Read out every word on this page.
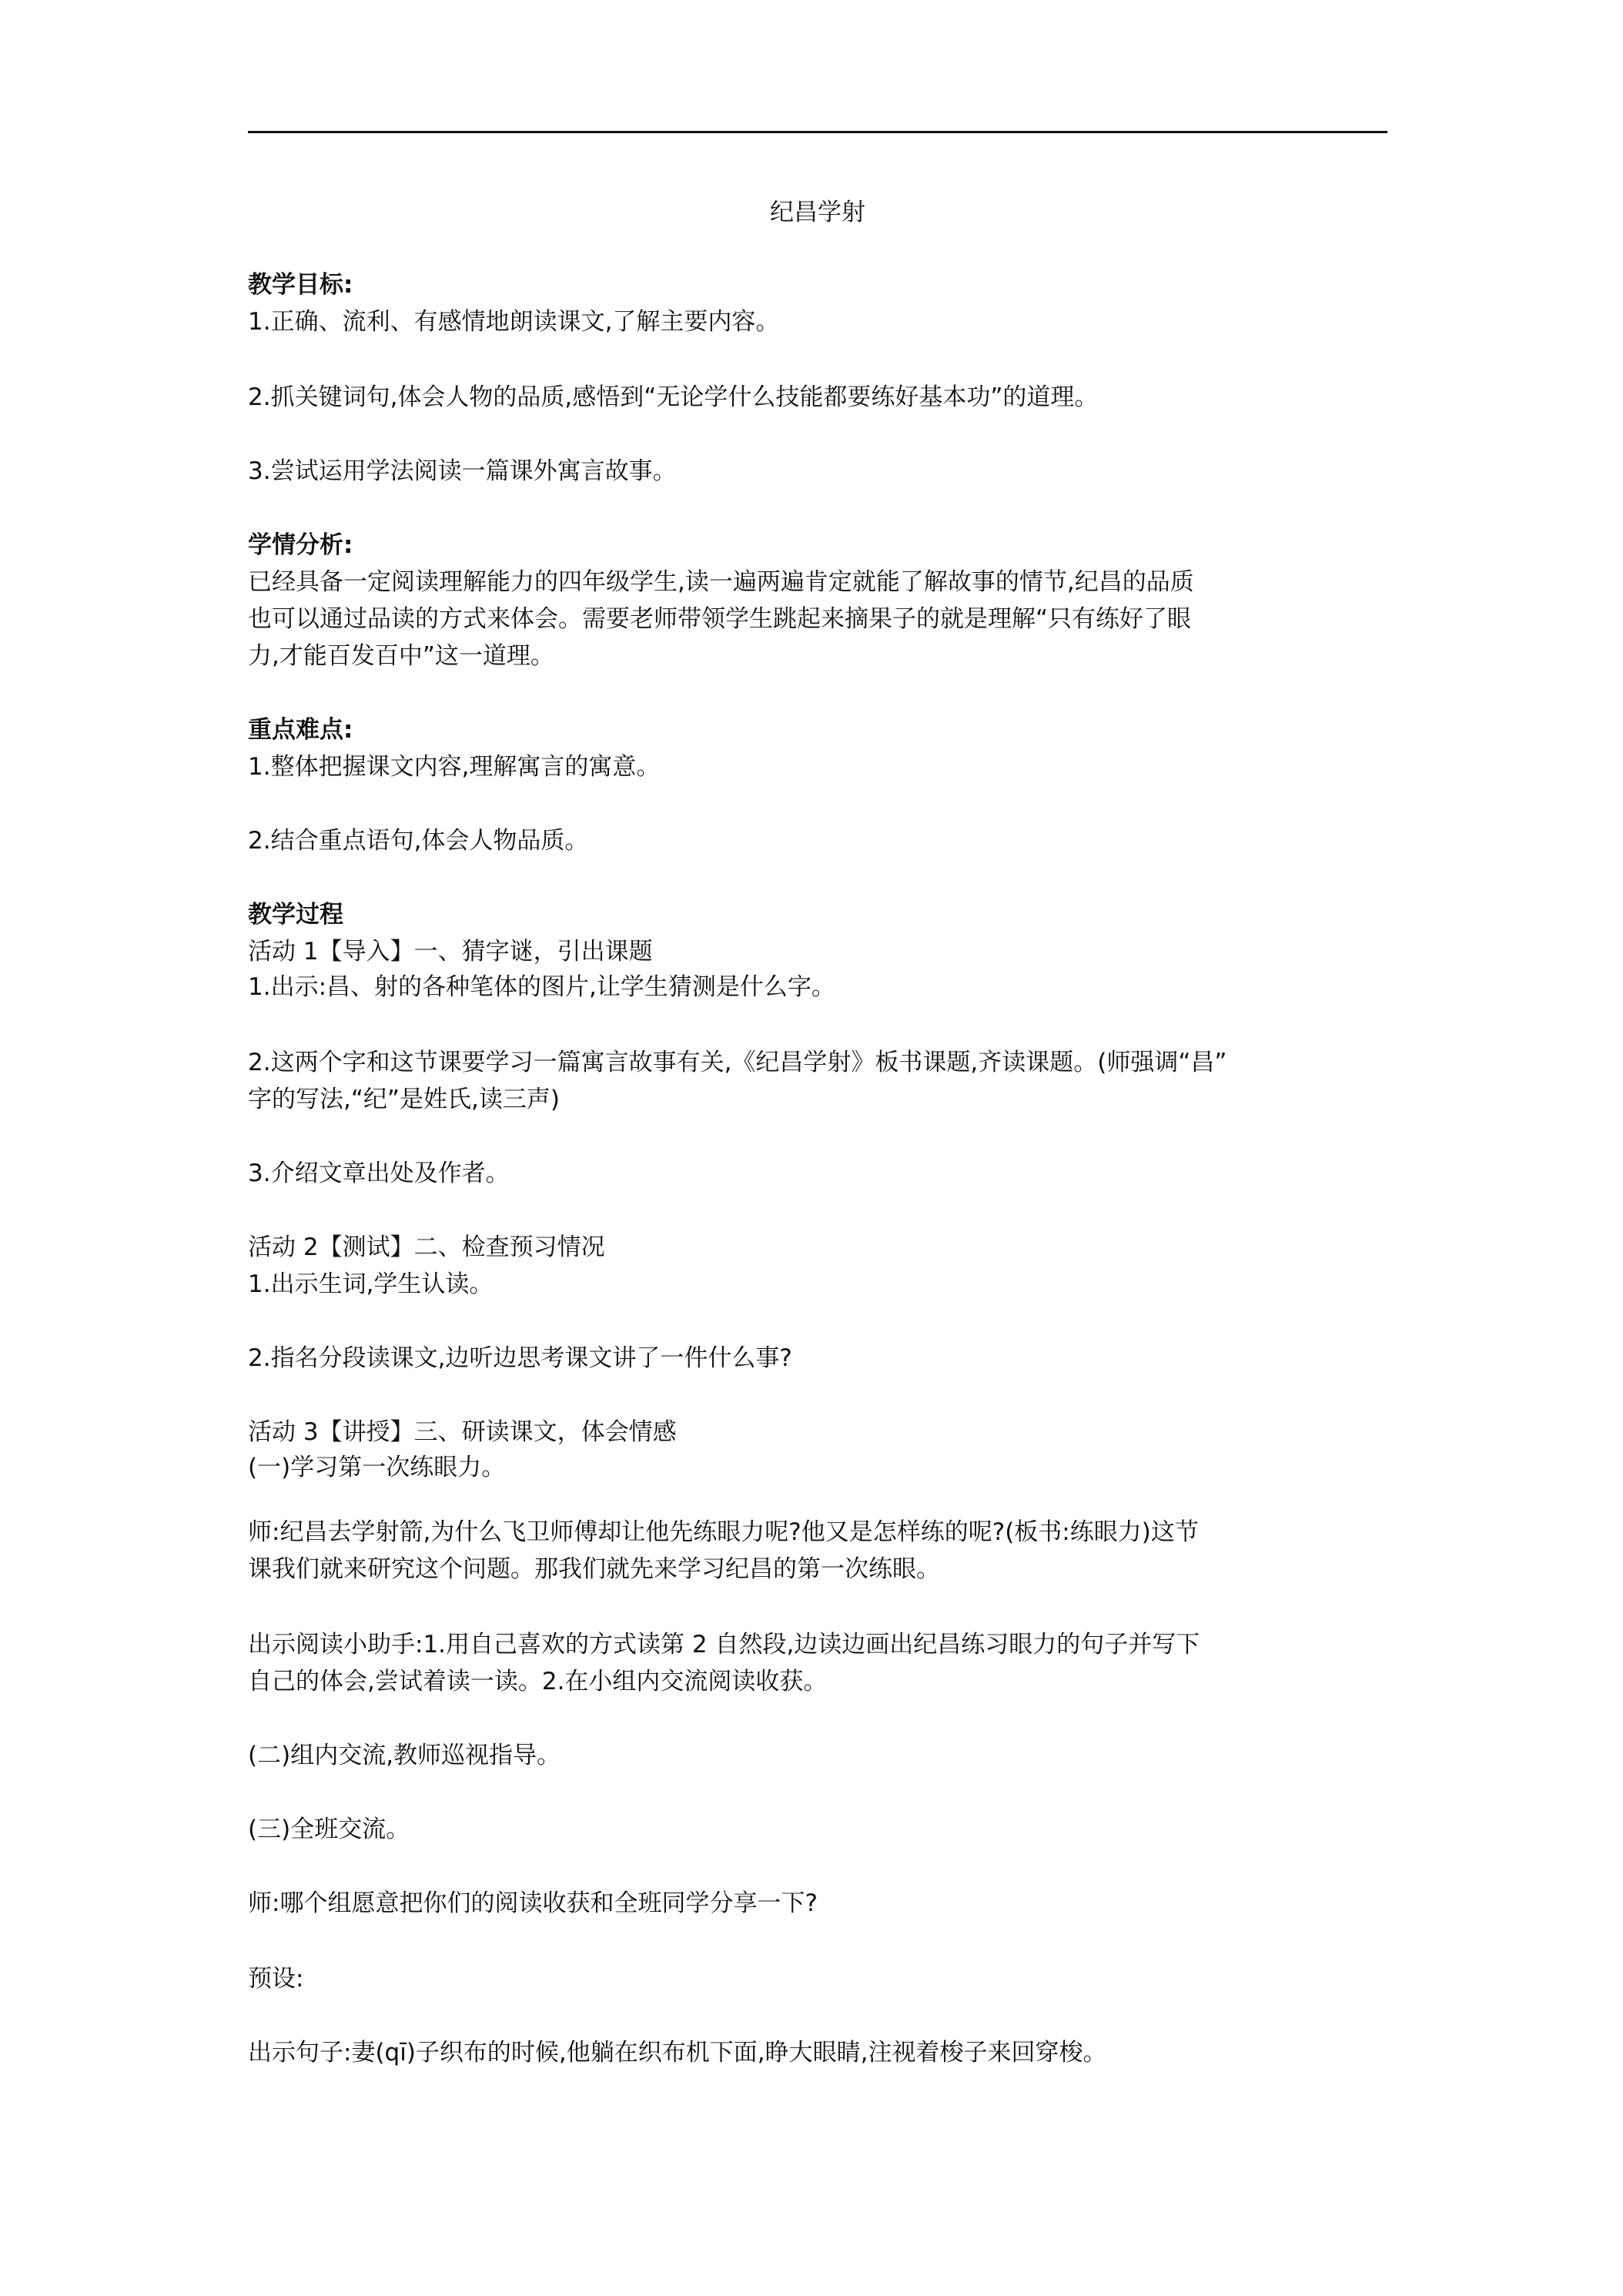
纪昌学射
教学目标:
1.正确、流利、有感情地朗读课文,了解主要内容。
2.抓关键词句,体会人物的品质,感悟到“无论学什么技能都要练好基本功”的道理。
3.尝试运用学法阅读一篇课外寓言故事。
学情分析:
已经具备一定阅读理解能力的四年级学生,读一遍两遍肯定就能了解故事的情节,纪昌的品质
也可以通过品读的方式来体会。需要老师带领学生跳起来摘果子的就是理解“只有练好了眼
力,才能百发百中”这一道理。
重点难点:
1.整体把握课文内容,理解寓言的寓意。
2.结合重点语句,体会人物品质。
教学过程
活动 1【导入】一、猜字谜，引出课题
1.出示:昌、射的各种笔体的图片,让学生猜测是什么字。
2.这两个字和这节课要学习一篇寓言故事有关,《纪昌学射》板书课题,齐读课题。(师强调“昌”
字的写法,“纪”是姓氏,读三声)
3.介绍文章出处及作者。
活动 2【测试】二、检查预习情况
1.出示生词,学生认读。
2.指名分段读课文,边听边思考课文讲了一件什么事?
活动 3【讲授】三、研读课文，体会情感
(一)学习第一次练眼力。
师:纪昌去学射箭,为什么飞卫师傅却让他先练眼力呢?他又是怎样练的呢?(板书:练眼力)这节
课我们就来研究这个问题。那我们就先来学习纪昌的第一次练眼。
出示阅读小助手:1.用自己喜欢的方式读第 2 自然段,边读边画出纪昌练习眼力的句子并写下
自己的体会,尝试着读一读。2.在小组内交流阅读收获。
(二)组内交流,教师巡视指导。
(三)全班交流。
师:哪个组愿意把你们的阅读收获和全班同学分享一下?
预设:
出示句子:妻(qī)子织布的时候,他躺在织布机下面,睁大眼睛,注视着梭子来回穿梭。
